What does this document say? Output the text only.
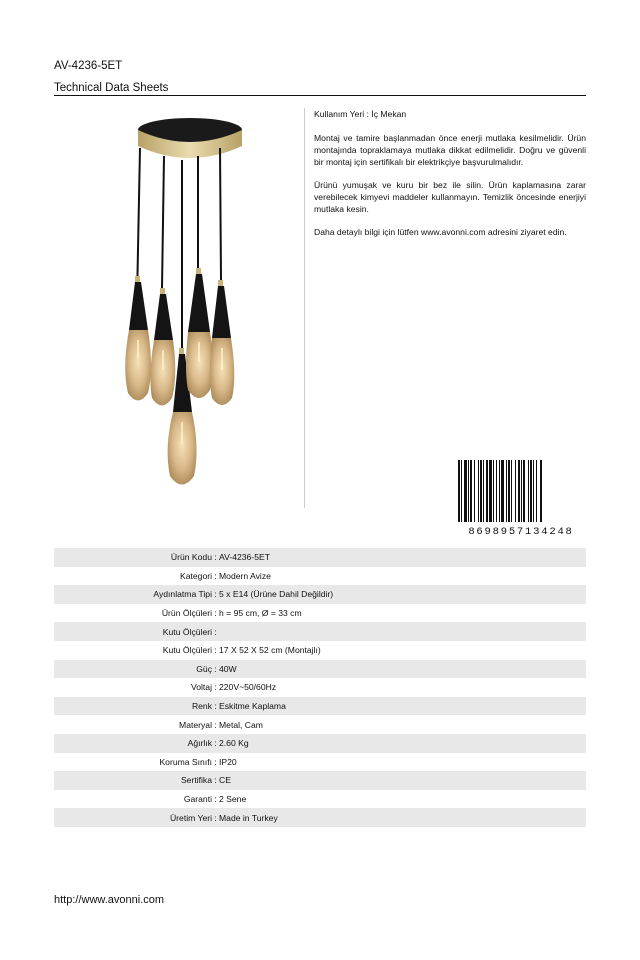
AV-4236-5ET
Technical Data Sheets

Kullanım Yeri : İç Mekan

Montaj ve tamire başlanmadan önce enerji mutlaka kesilmelidir. Ürün montajında topraklamaya mutlaka dikkat edilmelidir. Doğru ve güvenli bir montaj için sertifikalı bir elektrikçiye başvurulmalıdır.

Ürünü yumuşak ve kuru bir bez ile silin. Ürün kaplamasına zarar verebilecek kimyevi maddeler kullanmayın. Temizlik öncesinde enerjiyi mutlaka kesin.

Daha detaylı bilgi için lütfen www.avonni.com adresini ziyaret edin.

8698957134248
Ürün Kodu : AV-4236-5ET
Kategori : Modern Avize
Aydınlatma Tipi : 5 x E14 (Ürüne Dahil Değildir)
Ürün Ölçüleri : h = 95 cm, Ø = 33 cm
Kutu Ölçüleri :
Kutu Ölçüleri : 17 X 52 X 52 cm (Montajlı)
Güç : 40W
Voltaj : 220V~50/60Hz
Renk : Eskitme Kaplama
Materyal : Metal, Cam
Ağırlık : 2.60 Kg
Koruma Sınıfı : IP20
Sertifika : CE
Garanti : 2 Sene
Üretim Yeri : Made in Turkey
http://www.avonni.com
